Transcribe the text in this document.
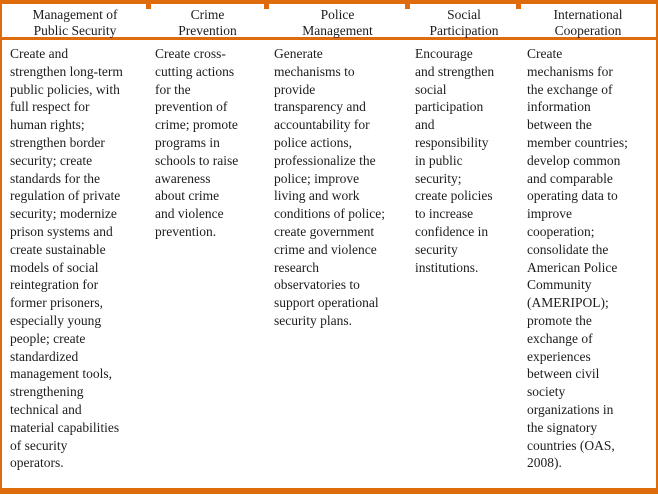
Management of Public Security
Crime Prevention
Police Management
Social Participation
International Cooperation
Create and strengthen long-term public policies, with full respect for human rights; strengthen border security; create standards for the regulation of private security; modernize prison systems and create sustainable models of social reintegration for former prisoners, especially young people; create standardized management tools, strengthening technical and material capabilities of security operators.
Create cross-cutting actions for the prevention of crime; promote programs in schools to raise awareness about crime and violence prevention.
Generate mechanisms to provide transparency and accountability for police actions, professionalize the police; improve living and work conditions of police; create government crime and violence research observatories to support operational security plans.
Encourage and strengthen social participation and responsibility in public security; create policies to increase confidence in security institutions.
Create mechanisms for the exchange of information between the member countries; develop common and comparable operating data to improve cooperation; consolidate the American Police Community (AMERIPOL); promote the exchange of experiences between civil society organizations in the signatory countries (OAS, 2008).
